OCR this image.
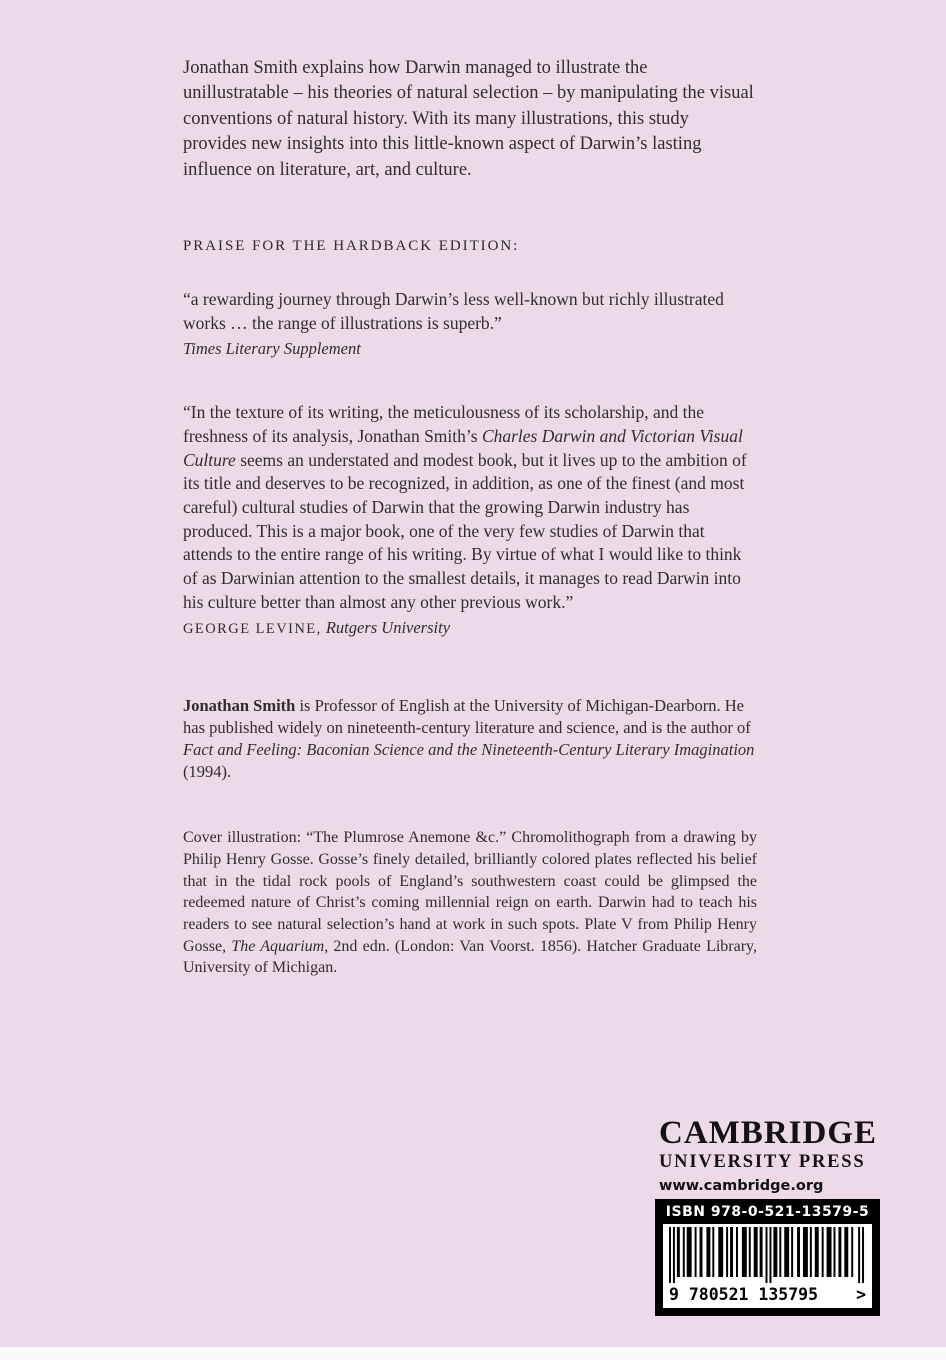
Jonathan Smith explains how Darwin managed to illustrate the unillustratable – his theories of natural selection – by manipulating the visual conventions of natural history. With its many illustrations, this study provides new insights into this little-known aspect of Darwin’s lasting influence on literature, art, and culture.

PRAISE FOR THE HARDBACK EDITION:

“a rewarding journey through Darwin’s less well-known but richly illustrated works … the range of illustrations is superb.”

Times Literary Supplement

“In the texture of its writing, the meticulousness of its scholarship, and the freshness of its analysis, Jonathan Smith’s Charles Darwin and Victorian Visual Culture seems an understated and modest book, but it lives up to the ambition of its title and deserves to be recognized, in addition, as one of the finest (and most careful) cultural studies of Darwin that the growing Darwin industry has produced. This is a major book, one of the very few studies of Darwin that attends to the entire range of his writing. By virtue of what I would like to think of as Darwinian attention to the smallest details, it manages to read Darwin into his culture better than almost any other previous work.”

GEORGE LEVINE, Rutgers University

Jonathan Smith is Professor of English at the University of Michigan-Dearborn. He has published widely on nineteenth-century literature and science, and is the author of Fact and Feeling: Baconian Science and the Nineteenth-Century Literary Imagination (1994).

Cover illustration: “The Plumrose Anemone &c.” Chromolithograph from a drawing by Philip Henry Gosse. Gosse’s finely detailed, brilliantly colored plates reflected his belief that in the tidal rock pools of England’s southwestern coast could be glimpsed the redeemed nature of Christ’s coming millennial reign on earth. Darwin had to teach his readers to see natural selection’s hand at work in such spots. Plate V from Philip Henry Gosse, The Aquarium, 2nd edn. (London: Van Voorst. 1856). Hatcher Graduate Library, University of Michigan.

CAMBRIDGE
UNIVERSITY PRESS
www.cambridge.org
ISBN 978-0-521-13579-5
9 780521 135795 >
